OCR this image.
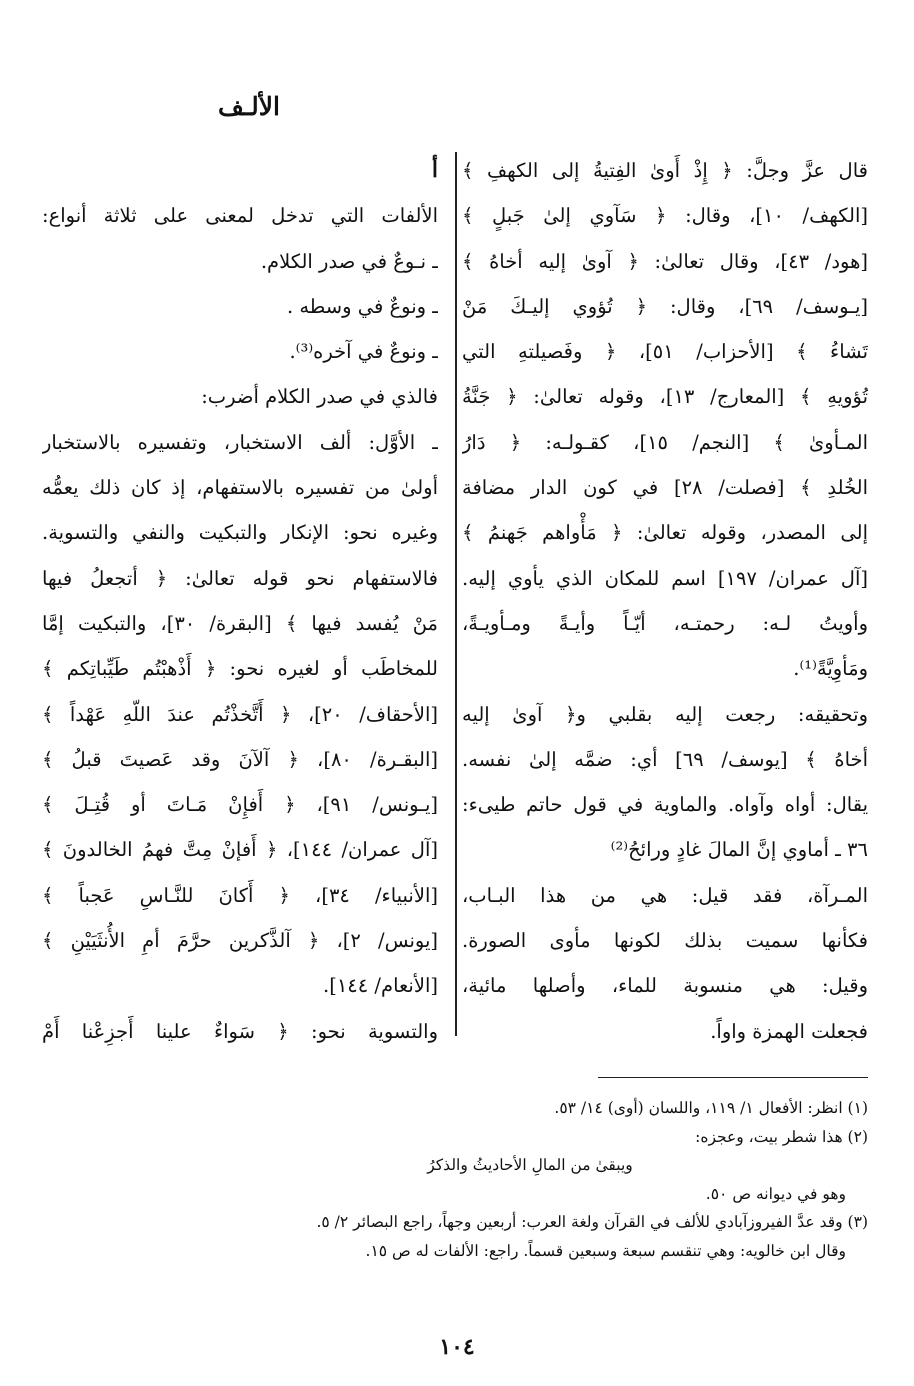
الألـف
قال عزَّ وجلَّ: ﴿ إِذْ أَوىٰ الفِتيةُ إلى الكهفِ ﴾
[الكهف/ ١٠]، وقال: ﴿ سَآوي إلىٰ جَبلٍ ﴾
[هود/ ٤٣]، وقال تعالىٰ: ﴿ آوىٰ إليه أخاهُ ﴾
[يـوسف/ ٦٩]، وقال: ﴿ تُؤوي إليـكَ مَنْ
تَشاءُ ﴾ [الأحزاب/ ٥١]، ﴿ وفَصيلتهِ التي
تُؤويهِ ﴾ [المعارج/ ١٣]، وقوله تعالىٰ: ﴿ جَنَّةُ
المـأوىٰ ﴾ [النجم/ ١٥]، كقـولـه: ﴿ دَارُ
الخُلدِ ﴾ [فصلت/ ٢٨] في كون الدار مضافة
إلى المصدر، وقوله تعالىٰ: ﴿ مَأْواهم جَهنمُ ﴾
[آل عمران/ ١٩٧] اسم للمكان الذي يأوي إليه.
وأويتُ لـه: رحمتـه، أيّـاً وأيـةً ومـأويـةً،
ومَأوِيَّةً⁽¹⁾.
وتحقيقه: رجعت إليه بقلبي و﴿ آوىٰ إليه
أخاهُ ﴾ [يوسف/ ٦٩] أي: ضمَّه إلىٰ نفسه.
يقال: أواه وآواه. والماوية في قول حاتم طيىء:
٣٦ ـ أماوي إنَّ المالَ غادٍ ورائحُ⁽²⁾
المـرآة، فقد قيل: هي من هذا البـاب،
فكأنها سميت بذلك لكونها مأوى الصورة.
وقيل: هي منسوبة للماء، وأصلها مائية،
فجعلت الهمزة واواً.
أ
الألفات التي تدخل لمعنى على ثلاثة أنواع:
ـ نـوعٌ في صدر الكلام.
ـ ونوعٌ في وسطه .
ـ ونوعٌ في آخره⁽³⁾.
فالذي في صدر الكلام أضرب:
ـ الأوَّل: ألف الاستخبار، وتفسيره بالاستخبار
أولىٰ من تفسيره بالاستفهام، إذ كان ذلك يعمُّه
وغيره نحو: الإنكار والتبكيت والنفي والتسوية.
فالاستفهام نحو قوله تعالىٰ: ﴿ أتجعلُ فيها
مَنْ يُفسد فيها ﴾ [البقرة/ ٣٠]، والتبكيت إمَّا
للمخاطَب أو لغيره نحو: ﴿ أَذْهبْتُم طَيِّباتِكم ﴾
[الأحقاف/ ٢٠]، ﴿ أَتَّخذْتُم عندَ اللّهِ عَهْداً ﴾
[البقـرة/ ٨٠]، ﴿ آلآنَ وقد عَصيتَ قبلُ ﴾
[يـونس/ ٩١]، ﴿ أَفإِنْ مَـاتَ أو قُتِـلَ ﴾
[آل عمران/ ١٤٤]، ﴿ أَفإنْ مِتَّ فهمُ الخالدونَ ﴾
[الأنبياء/ ٣٤]، ﴿ أَكانَ للنَّـاسِ عَجباً ﴾
[يونس/ ٢]، ﴿ آلذَّكرين حرَّمَ أمِ الأُنثَيَيْنِ ﴾
[الأنعام/ ١٤٤].
والتسوية نحو: ﴿ سَواءٌ علينا أَجزِعْنا أَمْ
(١) انظر: الأفعال ١/ ١١٩، واللسان (أوى) ١٤/ ٥٣.
(٢) هذا شطر بيت، وعجزه:
ويبقىٰ من المالِ الأحاديثُ والذكرُ
وهو في ديوانه ص ٥٠.
(٣) وقد عدَّ الفيروزآبادي للألف في القرآن ولغة العرب: أربعين وجهاً، راجع البصائر ٢/ ٥.
وقال ابن خالويه: وهي تنقسم سبعة وسبعين قسماً. راجع: الألفات له ص ١٥.
١٠٤
